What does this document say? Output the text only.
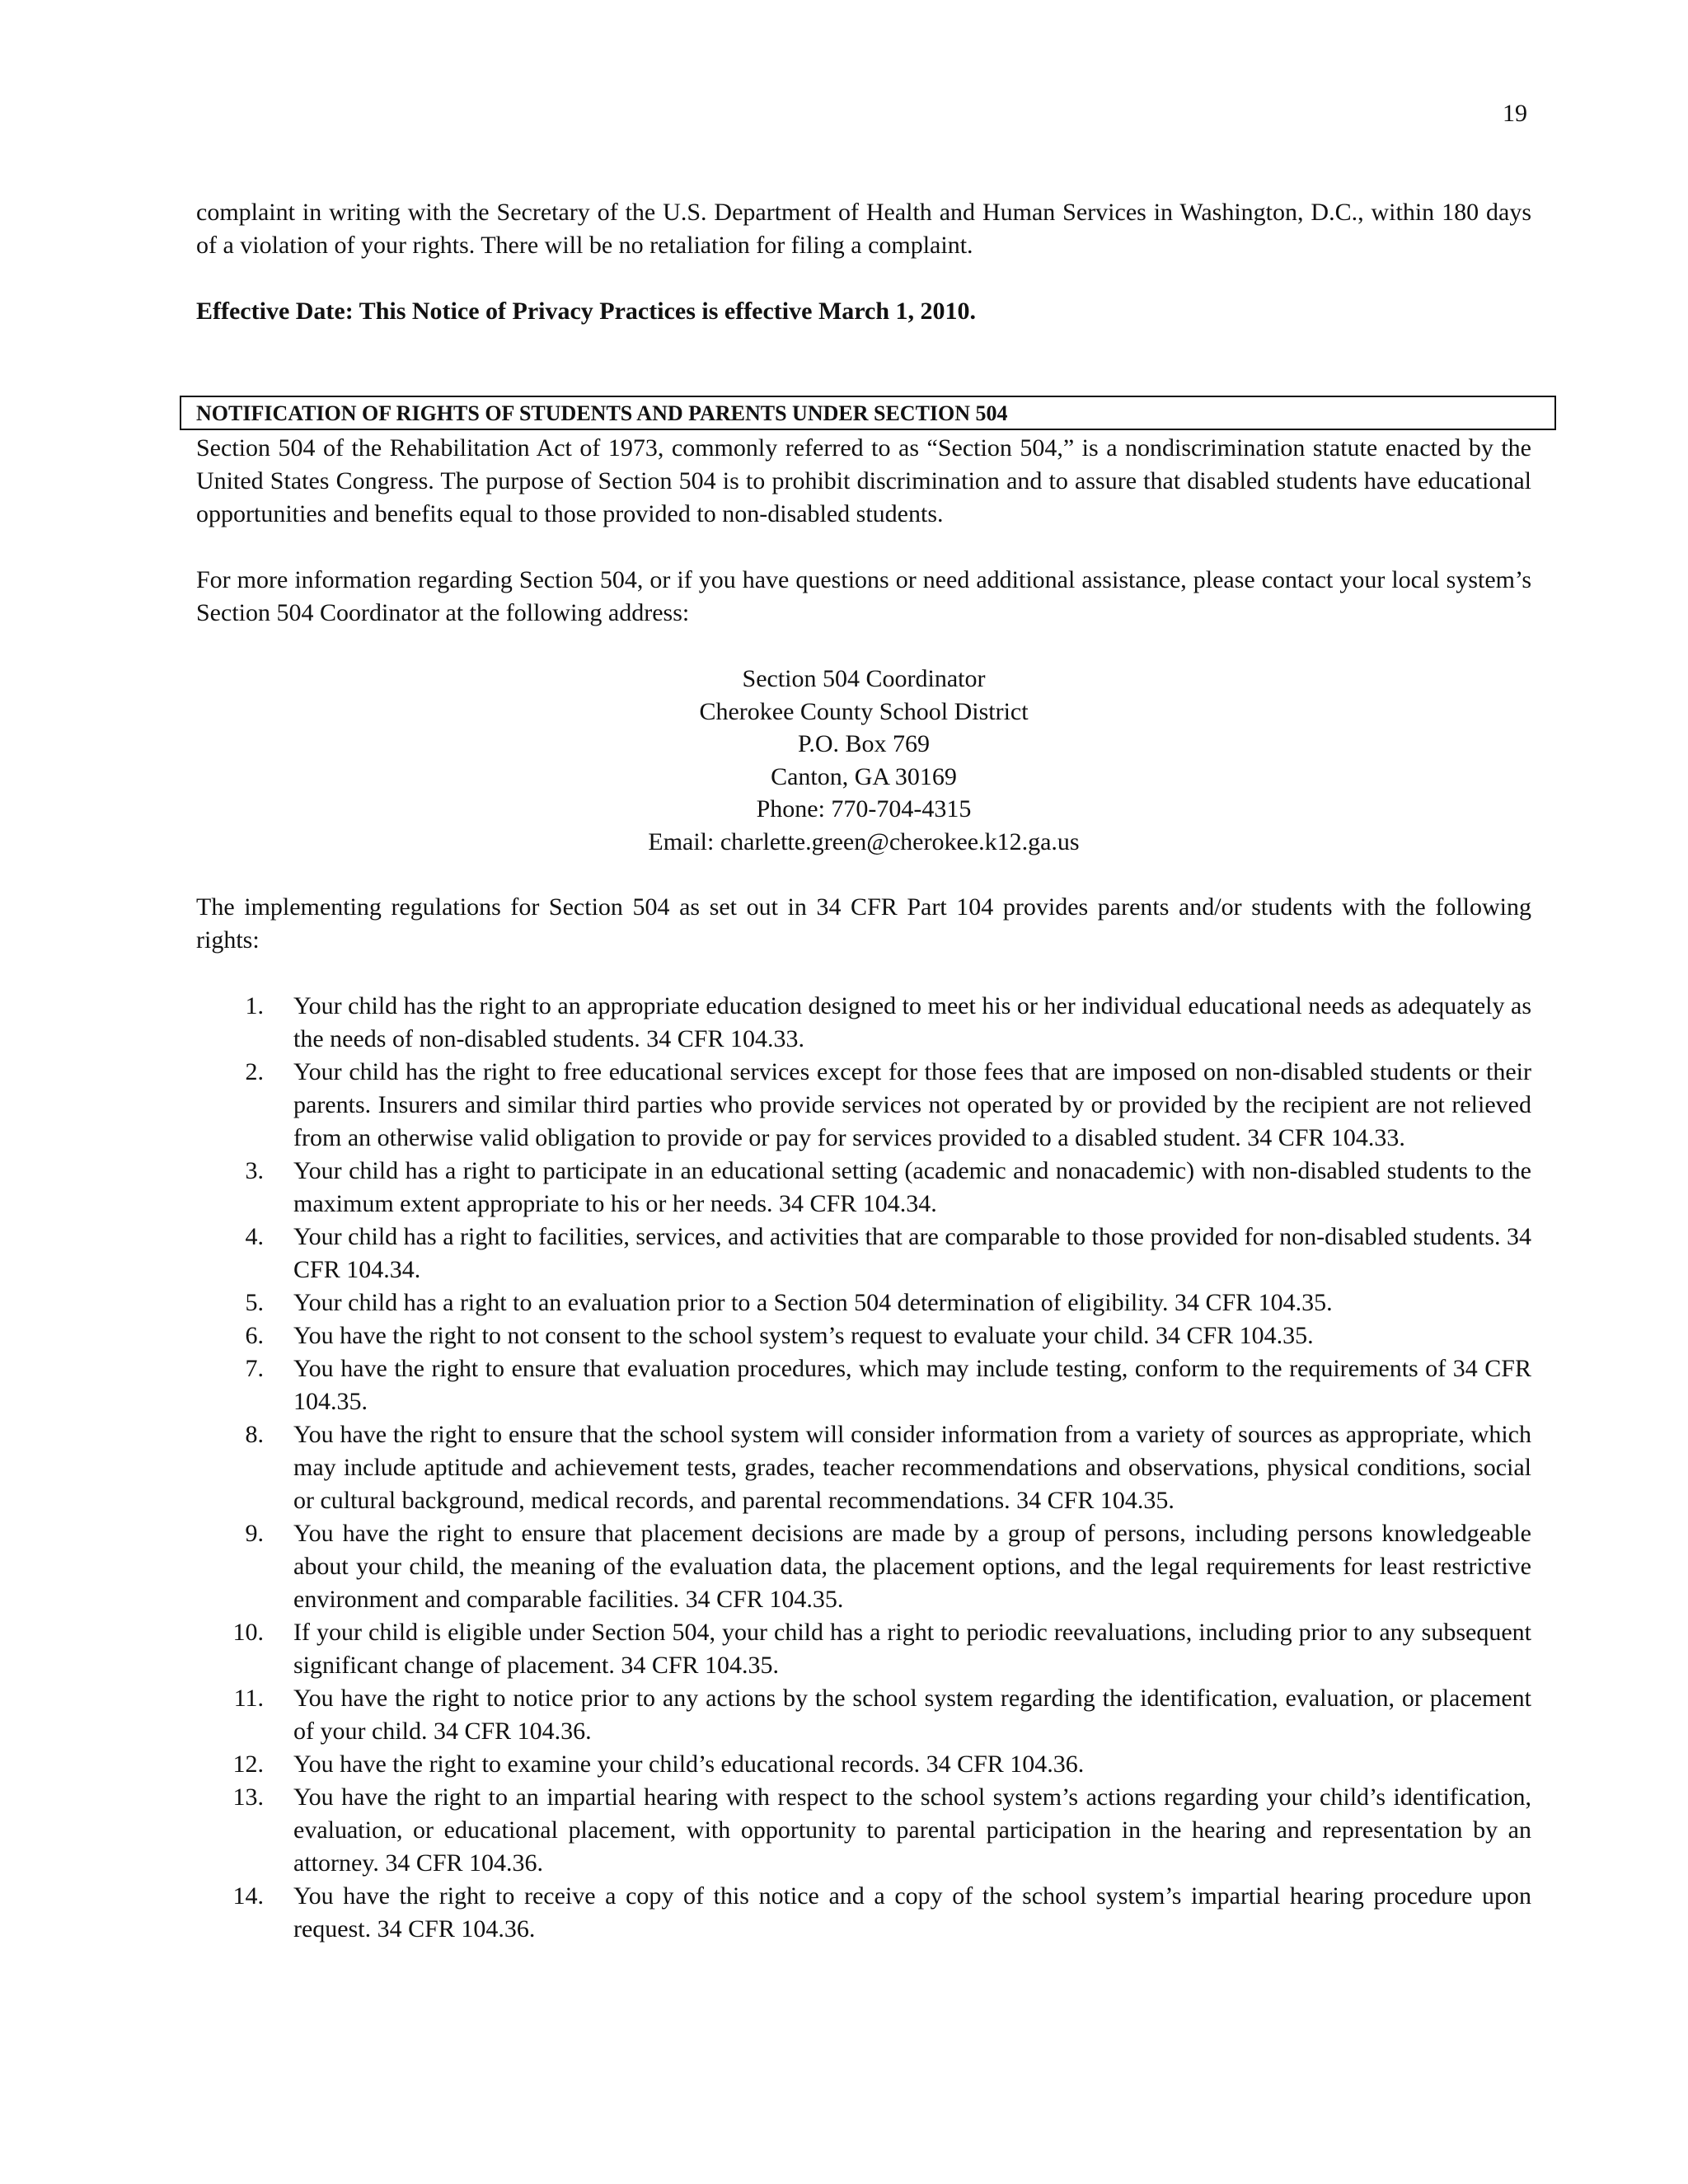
19

complaint in writing with the Secretary of the U.S. Department of Health and Human Services in Washington, D.C., within 180 days of a violation of your rights. There will be no retaliation for filing a complaint.

Effective Date: This Notice of Privacy Practices is effective March 1, 2010.

NOTIFICATION OF RIGHTS OF STUDENTS AND PARENTS UNDER SECTION 504

Section 504 of the Rehabilitation Act of 1973, commonly referred to as “Section 504,” is a nondiscrimination statute enacted by the United States Congress. The purpose of Section 504 is to prohibit discrimination and to assure that disabled students have educational opportunities and benefits equal to those provided to non-disabled students.

For more information regarding Section 504, or if you have questions or need additional assistance, please contact your local system’s Section 504 Coordinator at the following address:

Section 504 Coordinator
Cherokee County School District
P.O. Box 769
Canton, GA 30169
Phone: 770-704-4315
Email: charlette.green@cherokee.k12.ga.us

The implementing regulations for Section 504 as set out in 34 CFR Part 104 provides parents and/or students with the following rights:

1. Your child has the right to an appropriate education designed to meet his or her individual educational needs as adequately as the needs of non-disabled students. 34 CFR 104.33.
2. Your child has the right to free educational services except for those fees that are imposed on non-disabled students or their parents. Insurers and similar third parties who provide services not operated by or provided by the recipient are not relieved from an otherwise valid obligation to provide or pay for services provided to a disabled student. 34 CFR 104.33.
3. Your child has a right to participate in an educational setting (academic and nonacademic) with non-disabled students to the maximum extent appropriate to his or her needs. 34 CFR 104.34.
4. Your child has a right to facilities, services, and activities that are comparable to those provided for non-disabled students. 34 CFR 104.34.
5. Your child has a right to an evaluation prior to a Section 504 determination of eligibility. 34 CFR 104.35.
6. You have the right to not consent to the school system’s request to evaluate your child. 34 CFR 104.35.
7. You have the right to ensure that evaluation procedures, which may include testing, conform to the requirements of 34 CFR 104.35.
8. You have the right to ensure that the school system will consider information from a variety of sources as appropriate, which may include aptitude and achievement tests, grades, teacher recommendations and observations, physical conditions, social or cultural background, medical records, and parental recommendations. 34 CFR 104.35.
9. You have the right to ensure that placement decisions are made by a group of persons, including persons knowledgeable about your child, the meaning of the evaluation data, the placement options, and the legal requirements for least restrictive environment and comparable facilities. 34 CFR 104.35.
10. If your child is eligible under Section 504, your child has a right to periodic reevaluations, including prior to any subsequent significant change of placement. 34 CFR 104.35.
11. You have the right to notice prior to any actions by the school system regarding the identification, evaluation, or placement of your child. 34 CFR 104.36.
12. You have the right to examine your child’s educational records. 34 CFR 104.36.
13. You have the right to an impartial hearing with respect to the school system’s actions regarding your child’s identification, evaluation, or educational placement, with opportunity to parental participation in the hearing and representation by an attorney. 34 CFR 104.36.
14. You have the right to receive a copy of this notice and a copy of the school system’s impartial hearing procedure upon request. 34 CFR 104.36.
